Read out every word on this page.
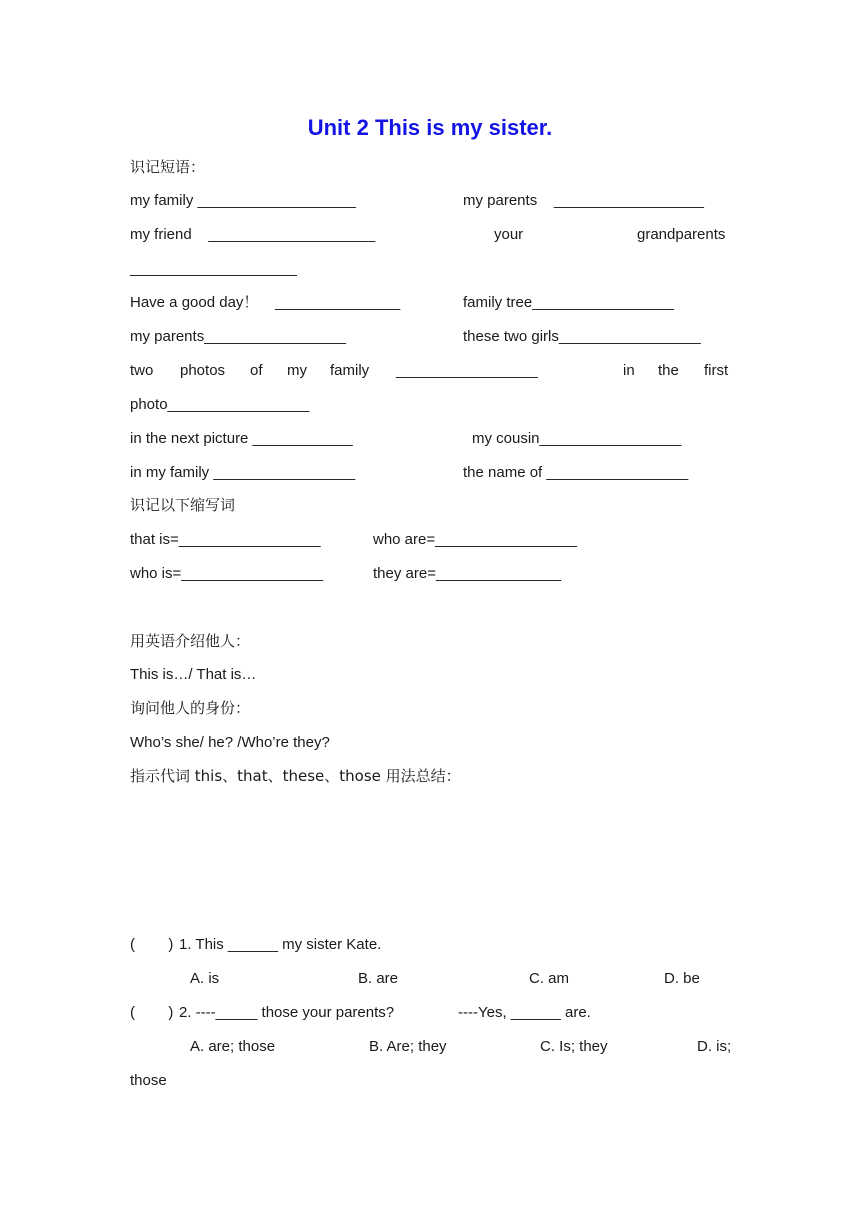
Unit 2 This is my sister.
识记短语：
my family ___________________	my parents    __________________
my friend    ____________________	your	grandparents
____________________
Have a good day！    _______________	family tree_________________
my parents_________________	these two girls_________________
two photos of my family _________________	in the first
photo_________________
in the next picture ____________	my cousin_________________
in my family _________________	the name of _________________
识记以下缩写词
that is=_________________	who are=_________________
who is=_________________	they are=_______________
用英语介绍他人：
This is…/ That is…
询问他人的身份：
Who’s she/ he? /Who’re they?
指示代词 this、that、these、those 用法总结：
(        ) 1. This ______ my sister Kate.
A. is	B. are	C. am	D. be
(        ) 2. ----_____ those your parents?	----Yes, ______ are.
A. are; those	B. Are; they	C. Is; they	D. is;
those
